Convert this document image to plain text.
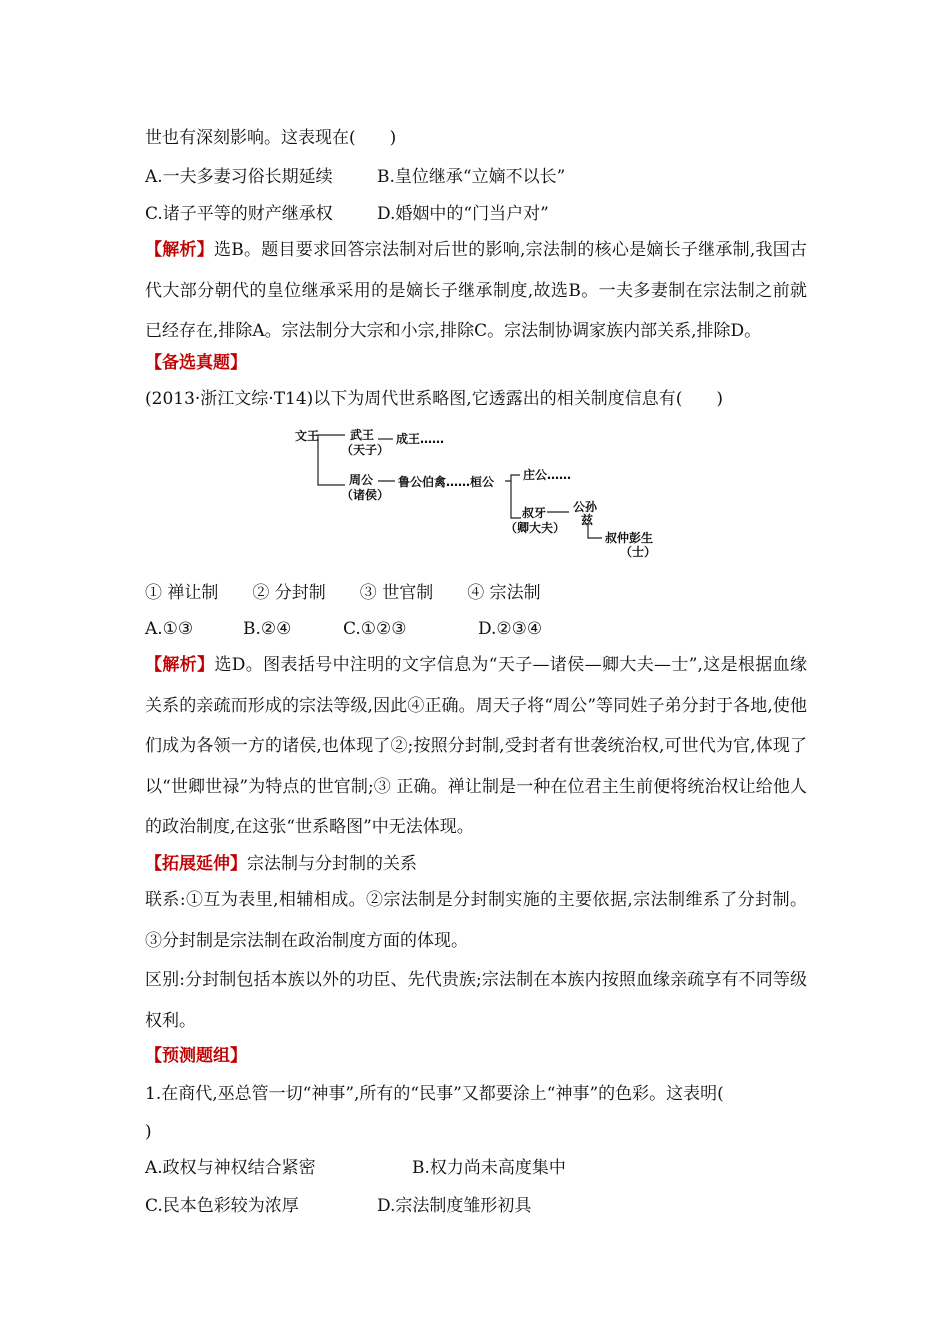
世也有深刻影响。这表现在(　　)
A.一夫多妻习俗长期延续	B.皇位继承“立嫡不以长”
C.诸子平等的财产继承权	D.婚姻中的“门当户对”
【解析】选B。题目要求回答宗法制对后世的影响,宗法制的核心是嫡长子继承制,我国古代大部分朝代的皇位继承采用的是嫡长子继承制度,故选B。一夫多妻制在宗法制之前就已经存在,排除A。宗法制分大宗和小宗,排除C。宗法制协调家族内部关系,排除D。
【备选真题】
(2013·浙江文综·T14)以下为周代世系略图,它透露出的相关制度信息有(　　)
文王	武王
（天子）
成王……
周公
（诸侯）
鲁公伯禽……桓公 庄公……
叔牙
（卿大夫）
公孙
兹
叔仲彭生
（士）
① 禅让制　　② 分封制　　③ 世官制　　④ 宗法制
A.①③	B.②④	C.①②③	D.②③④
【解析】选D。图表括号中注明的文字信息为“天子—诸侯—卿大夫—士”,这是根据血缘关系的亲疏而形成的宗法等级,因此④正确。周天子将“周公”等同姓子弟分封于各地,使他们成为各领一方的诸侯,也体现了②;按照分封制,受封者有世袭统治权,可世代为官,体现了以“世卿世禄”为特点的世官制;③ 正确。禅让制是一种在位君主生前便将统治权让给他人的政治制度,在这张“世系略图”中无法体现。
【拓展延伸】宗法制与分封制的关系
联系:①互为表里,相辅相成。②宗法制是分封制实施的主要依据,宗法制维系了分封制。③分封制是宗法制在政治制度方面的体现。
区别:分封制包括本族以外的功臣、先代贵族;宗法制在本族内按照血缘亲疏享有不同等级权利。
【预测题组】
1.在商代,巫总管一切“神事”,所有的“民事”又都要涂上“神事”的色彩。这表明(
)
A.政权与神权结合紧密	B.权力尚未高度集中
C.民本色彩较为浓厚	D.宗法制度雏形初具
